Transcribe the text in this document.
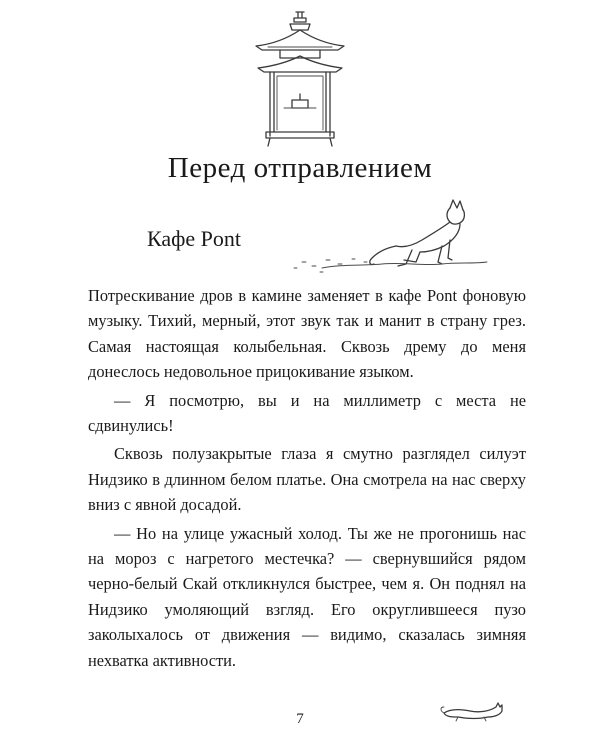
Перед отправлением
Кафе Pont

Потрескивание дров в камине заменяет в кафе Pont фоновую музыку. Тихий, мерный, этот звук так и манит в страну грез. Самая настоящая колыбельная. Сквозь дрему до меня донеслось недовольное прицокивание языком.

— Я посмотрю, вы и на миллиметр с места не сдвинулись!

Сквозь полузакрытые глаза я смутно разглядел силуэт Нидзико в длинном белом платье. Она смотрела на нас сверху вниз с явной досадой.

— Но на улице ужасный холод. Ты же не прогонишь нас на мороз с нагретого местечка? — свернувшийся рядом черно-белый Скай откликнулся быстрее, чем я. Он поднял на Нидзико умоляющий взгляд. Его округлившееся пузо заколыхалось от движения — видимо, сказалась зимняя нехватка активности.

7
